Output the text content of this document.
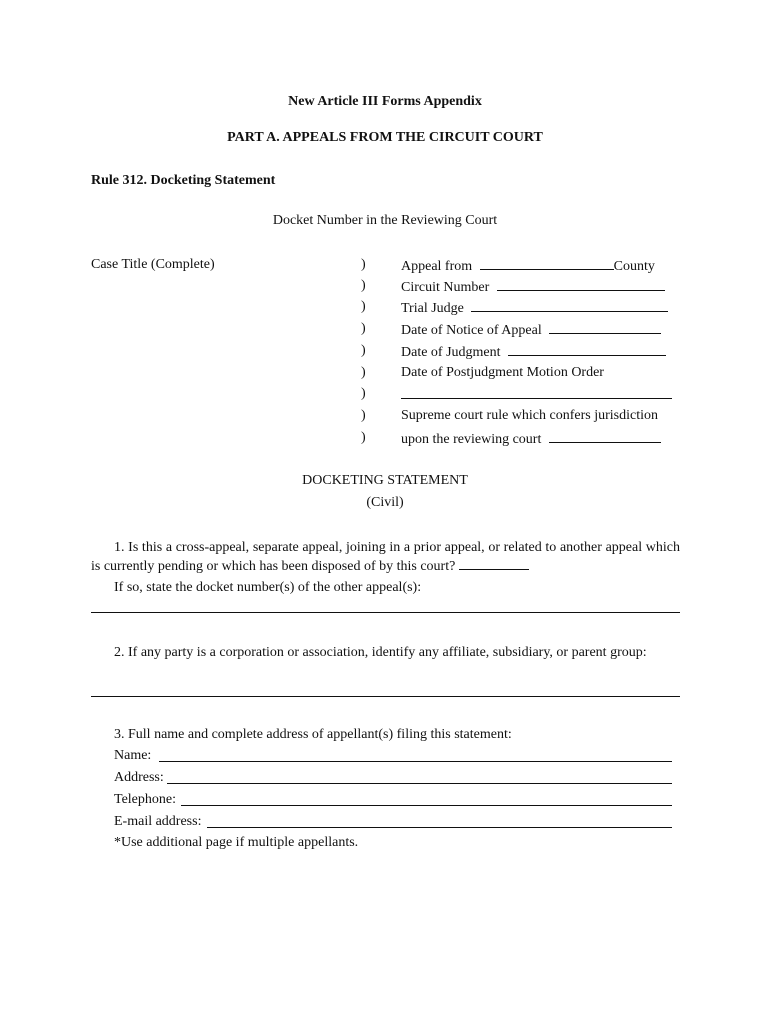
New Article III Forms Appendix
PART A. APPEALS FROM THE CIRCUIT COURT
Rule 312. Docketing Statement
Docket Number in the Reviewing Court
Case Title (Complete)	)
)
)
)
)
)
)
)
)
Appeal from	County
Circuit Number
Trial Judge
Date of Notice of Appeal
Date of Judgment
Date of Postjudgment Motion Order
Supreme court rule which confers jurisdiction
upon the reviewing court
DOCKETING STATEMENT
(Civil)
1. Is this a cross-appeal, separate appeal, joining in a prior appeal, or related to another appeal which is currently pending or which has been disposed of by this court?
If so, state the docket number(s) of the other appeal(s):
2. If any party is a corporation or association, identify any affiliate, subsidiary, or parent group:
3. Full name and complete address of appellant(s) filing this statement:
Name:
Address:
Telephone:
E-mail address:
*Use additional page if multiple appellants.
